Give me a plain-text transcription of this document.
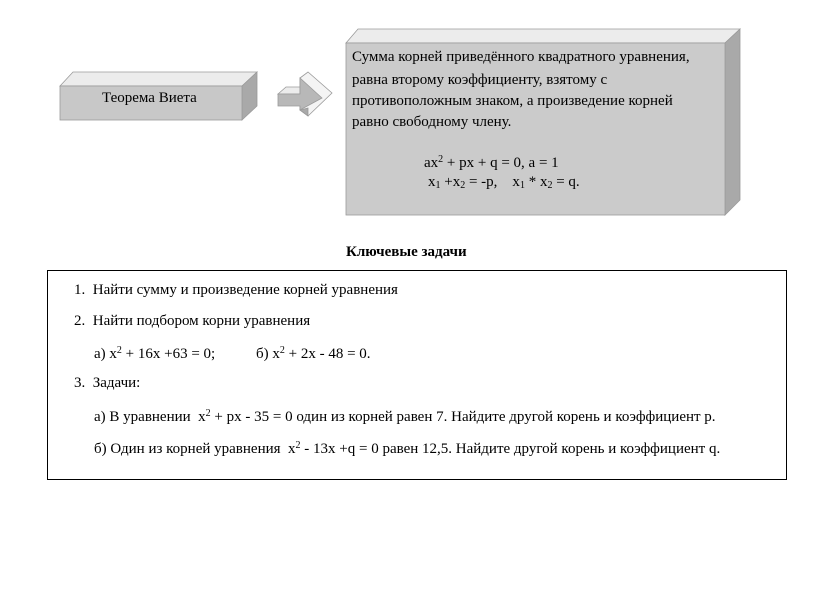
Теорема Виета
Сумма корней приведённого квадратного уравнения,
равна второму коэффициенту, взятому с
противоположным знаком, а произведение корней
равно свободному члену.
$ax^2$ + px + q = 0, a = 1
$x_1 +x_2 = -p$,    $x_1 * x_2 = q$.
Ключевые задачи
1. Найти сумму и произведение корней уравнения
2. Найти подбором корни уравнения
а) $x^2 + 16x +63 = 0$;	б) $x^2 + 2x - 48 = 0$.
3. Задачи:
а) В уравнении  $x^2$ + px - 35 = 0 один из корней равен 7. Найдите другой корень и коэффициент p.
б) Один из корней уравнения  $x^2 - 13x +q = 0$ равен 12,5. Найдите другой корень и коэффициент q.
